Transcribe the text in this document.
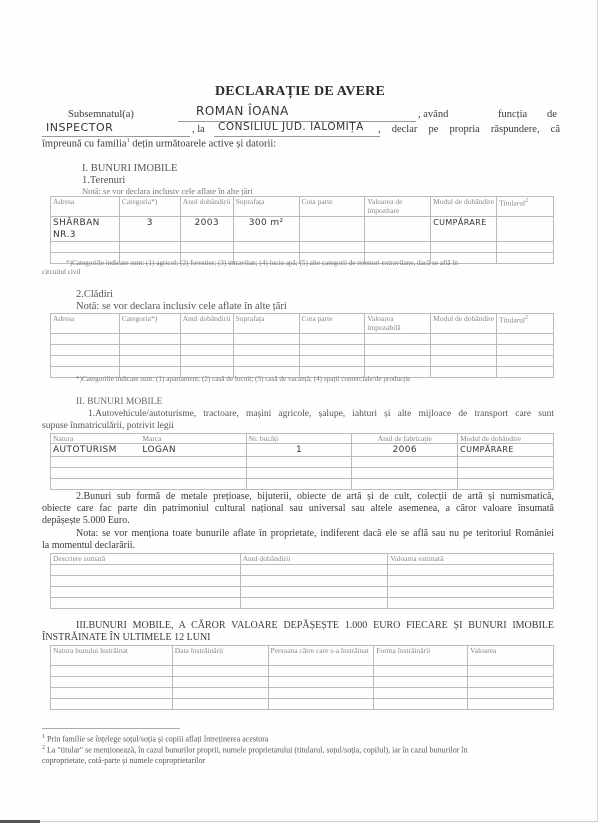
DECLARAȚIE DE AVERE
Subsemnatul(a)	ROMAN ÎOANA	, având	funcția de
INSPECTOR	, la CONSILIUL JUD. IALOMIȚA , declar pe propria răspundere, că
împreună cu familia$^1$ dețin următoarele active și datorii:
I. BUNURI IMOBILE
1.Terenuri
Notă: se vor declara inclusiv cele aflate în alte țări
Adresa	Categoria*)	Anul dobândirii	Suprafața	Cota parte	Valoarea de impozitare	Modul de dobândire	Titularul$^2$
SHĂRBAN NR.3	3	2003	300 m²			CUMPĂRARE	

*)Categoriile indicate sunt: (1) agricol; (2) forestier; (3) intravilan; (4) luciu apă; (5) alte categorii de terenuri extravilane, dacă se află în
circuitul civil
2.Clădiri
Notă: se vor declara inclusiv cele aflate în alte țări
Adresa	Categoria*)	Anul dobândirii	Suprafața	Cota parte	Valoarea impozabilă	Modul de dobândire	Titularul$^2$

*)Categoriile indicate sunt: (1) apartament; (2) casă de locuit; (3) casă de vacanță; (4) spații comerciale/de producție
II. BUNURI MOBILE
1.Autovehicule/autoturisme, tractoare, mașini agricole, șalupe, iahturi și alte mijloace de transport care sunt
supuse înmatriculării, potrivit legii
Natura	Marca	Nr. bucăți	Anul de fabricație	Modul de dobândire
AUTOTURISM	LOGAN	1	2006	CUMPĂRARE

2.Bunuri sub formă de metale prețioase, bijuterii, obiecte de artă și de cult, colecții de artă și numismatică,
obiecte care fac parte din patrimoniul cultural național sau universal sau altele asemenea, a căror valoare însumată
depășește 5.000 Euro.
Nota: se vor menționa toate bunurile aflate în proprietate, indiferent dacă ele se află sau nu pe teritoriul României
la momentul declarării.
Descriere sumară	Anul dobândirii	Valoarea estimată

III.BUNURI MOBILE, A CĂROR VALOARE DEPĂȘEȘTE 1.000 EURO FIECARE ȘI BUNURI IMOBILE
ÎNSTRĂINATE ÎN ULTIMELE 12 LUNI
Natura bunului înstrăinat	Data înstrăinării	Persoana către care s-a înstrăinat	Forma înstrăinării	Valoarea

$^1$ Prin familie se înțelege soțul/soția și copiii aflați întreținerea acestora
$^2$ La "titular" se menționează, în cazul bunurilor proprii, numele proprietarului (titularul, soțul/soția, copilul), iar în cazul bunurilor în
coproprietate, cotă-parte și numele coproprietarilor
